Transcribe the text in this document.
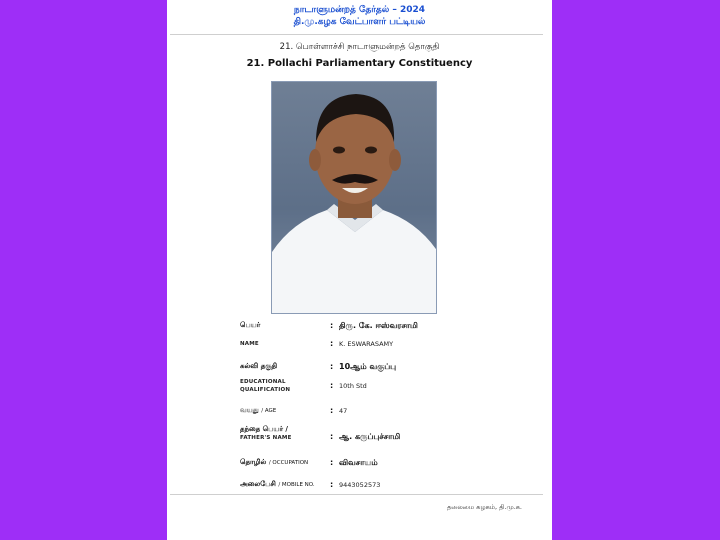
நாடாளுமன்றத் தேர்தல் – 2024
தி.மு.கழக வேட்பாளர் பட்டியல்
21. பொள்ளாச்சி நாடாளுமன்றத் தொகுதி
21. Pollachi Parliamentary Constituency
பெயர்	: திரு. கே. ஈஸ்வரசாமி
NAME	: K. ESWARASAMY
கல்வி தகுதி	: 10ஆம் வகுப்பு
EDUCATIONAL
QUALIFICATION	: 10th Std
வயது / AGE	: 47
தந்தை பெயர் /
FATHER'S NAME	: ஆ. கருப்புச்சாமி
தொழில் / OCCUPATION	: விவசாயம்
அலைபேசி / MOBILE NO. : 9443052573
தலைமை கழகம், தி.மு.க.
